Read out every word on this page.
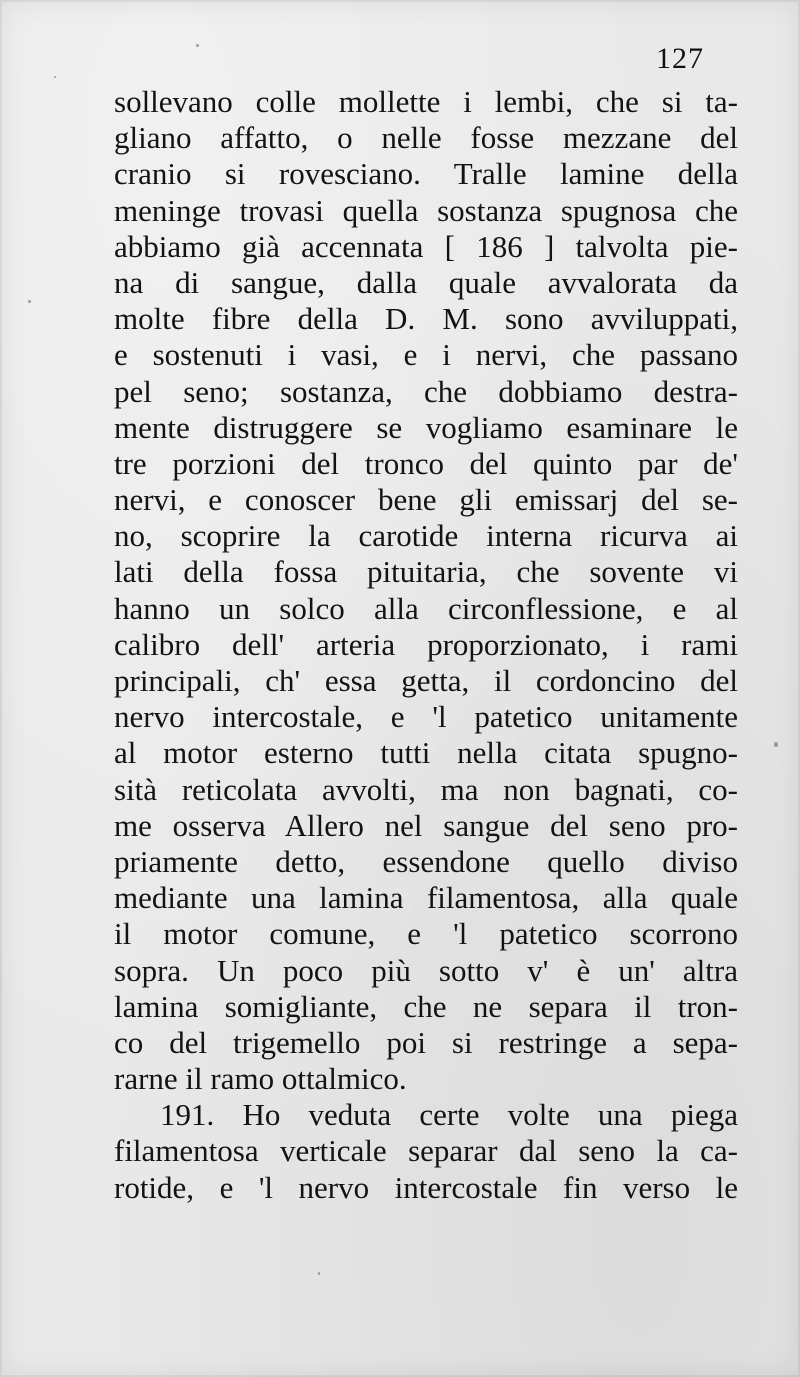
127
sollevano colle mollette i lembi, che si ta-
gliano affatto, o nelle fosse mezzane del
cranio si rovesciano. Tralle lamine della
meninge trovasi quella sostanza spugnosa che
abbiamo già accennata [ 186 ] talvolta pie-
na di sangue, dalla quale avvalorata da
molte fibre della D. M. sono avviluppati,
e sostenuti i vasi, e i nervi, che passano
pel seno; sostanza, che dobbiamo destra-
mente distruggere se vogliamo esaminare le
tre porzioni del tronco del quinto par de'
nervi, e conoscer bene gli emissarj del se-
no, scoprire la carotide interna ricurva ai
lati della fossa pituitaria, che sovente vi
hanno un solco alla circonflessione, e al
calibro dell' arteria proporzionato, i rami
principali, ch' essa getta, il cordoncino del
nervo intercostale, e 'l patetico unitamente
al motor esterno tutti nella citata spugno-
sità reticolata avvolti, ma non bagnati, co-
me osserva Allero nel sangue del seno pro-
priamente detto, essendone quello diviso
mediante una lamina filamentosa, alla quale
il motor comune, e 'l patetico scorrono
sopra. Un poco più sotto v' è un' altra
lamina somigliante, che ne separa il tron-
co del trigemello poi si restringe a sepa-
rarne il ramo ottalmico.
191. Ho veduta certe volte una piega
filamentosa verticale separar dal seno la ca-
rotide, e 'l nervo intercostale fin verso le
